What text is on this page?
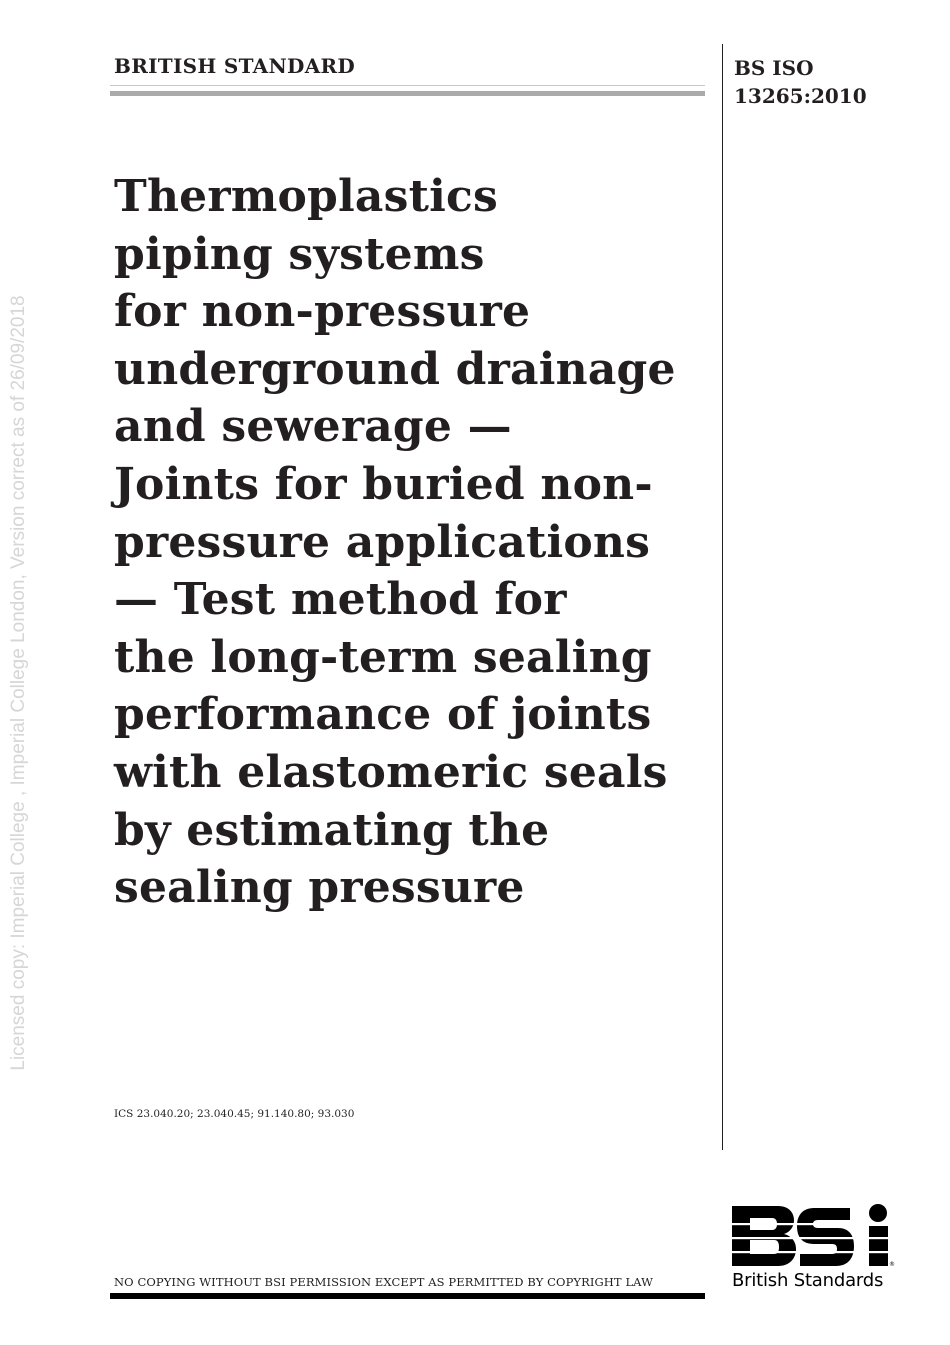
Licensed copy: Imperial College , Imperial College London, Version correct as of 26/09/2018
BRITISH STANDARD	BS ISO
13265:2010
Thermoplastics
piping systems
for non-pressure
underground drainage
and sewerage —
Joints for buried non-
pressure applications
— Test method for
the long-term sealing
performance of joints
with elastomeric seals
by estimating the
sealing pressure
ICS 23.040.20; 23.040.45; 91.140.80; 93.030
NO COPYING WITHOUT BSI PERMISSION EXCEPT AS PERMITTED BY COPYRIGHT LAW
®
British Standards
